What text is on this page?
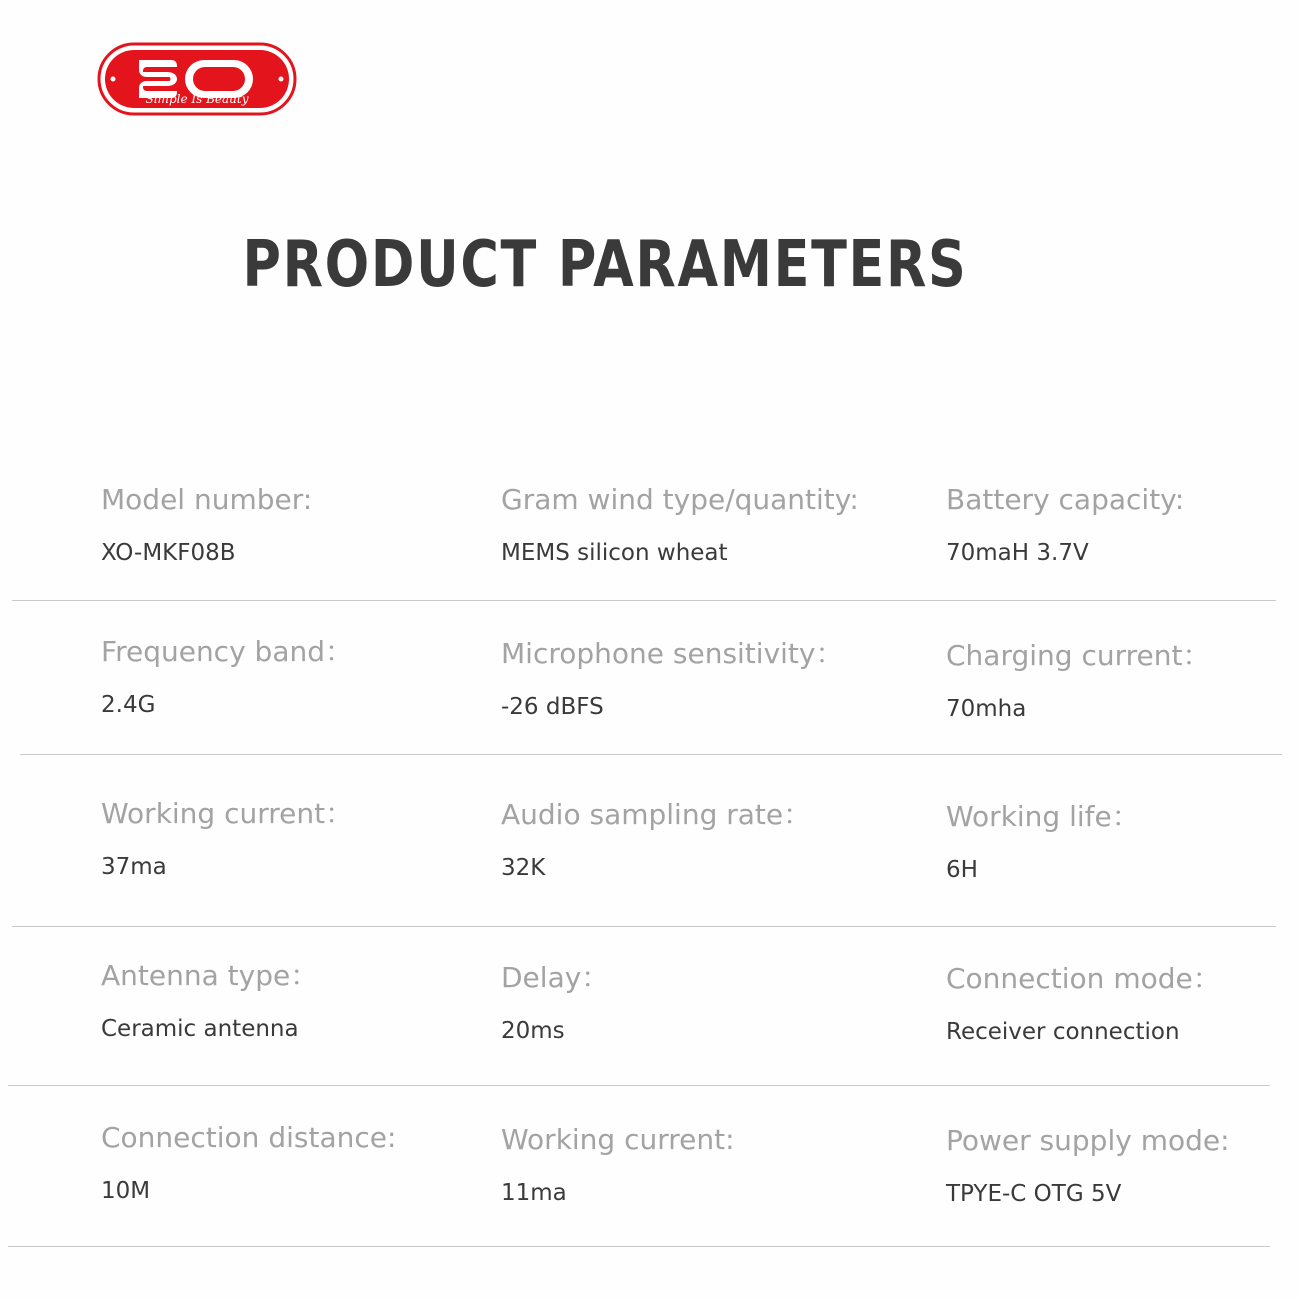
Simple Is Beauty
PRODUCT PARAMETERS
Model number:
XO-MKF08B
Gram wind type/quantity:
MEMS silicon wheat
Battery capacity:
70maH 3.7V
Frequency band：
2.4G
Microphone sensitivity：
-26 dBFS
Charging current：
70mha
Working current：
37ma
Audio sampling rate：
32K
Working life：
6H
Antenna type：
Ceramic antenna
Delay：
20ms
Connection mode：
Receiver connection
Connection distance:
10M
Working current:
11ma
Power supply mode:
TPYE-C OTG 5V
